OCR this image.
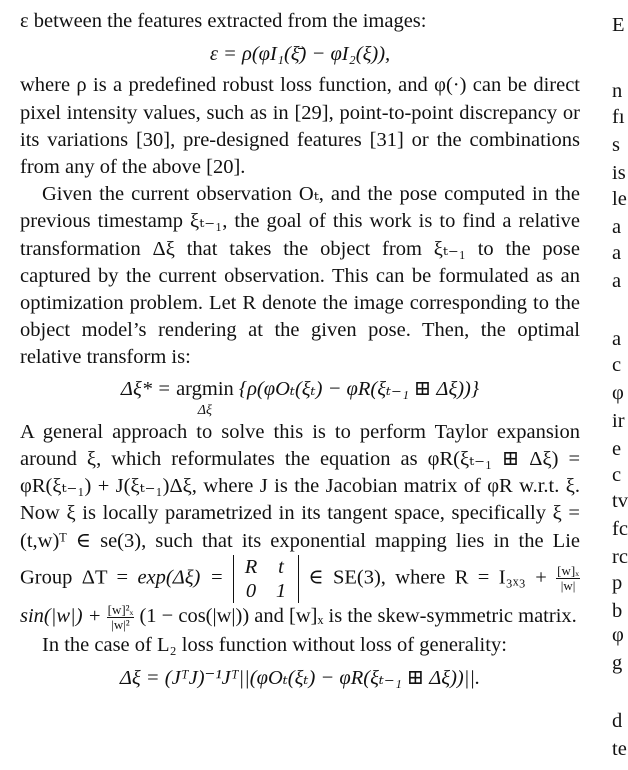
ε between the features extracted from the images:

ε = ρ(φI₁(ξ̄) − φI₂(ξ)),

where ρ is a predefined robust loss function, and φ(·) can be direct pixel intensity values, such as in [29], point-to-point discrepancy or its variations [30], pre-designed features [31] or the combinations from any of the above [20].

Given the current observation Oₜ, and the pose computed in the previous timestamp ξₜ₋₁, the goal of this work is to find a relative transformation Δξ that takes the object from ξₜ₋₁ to the pose captured by the current observation. This can be formulated as an optimization problem. Let R denote the image corresponding to the object model’s rendering at the given pose. Then, the optimal relative transform is:

Δξ* = argmin
Δξ
{ρ(φOₜ(ξₜ) − φR(ξₜ₋₁ ⊞ Δξ))}

A general approach to solve this is to perform Taylor expansion around ξ, which reformulates the equation as φR(ξₜ₋₁ ⊞ Δξ) = φR(ξₜ₋₁) + J(ξₜ₋₁)Δξ, where J is the Jacobian matrix of φR w.r.t. ξ. Now ξ is locally parametrized in its tangent space, specifically ξ = (t,w)ᵀ ∈ se(3), such that its exponential mapping lies in the Lie Group ΔT = exp(Δξ) = R	t
0 1
∈ SE(3), where $R = I_{3x3} + \frac{\text{[w]ₓ}}{|w|}$
$\sin(|w|) + \frac{\text{[w]²ₓ}}{\text{|w|²}} (1 - \cos(|w|))$ and [w]ₓ is the skew-symmetric matrix.

In the case of L₂ loss function without loss of generality:

Δξ = (JᵀJ)⁻¹Jᵀ||(φOₜ(ξₜ) − φR(ξₜ₋₁ ⊞ Δξ))||.
E
n
fı
s
is
le
a
a
a
a
c
φ
ir
e
c
tv
fc
rc
p
b
φ
g
d
te
